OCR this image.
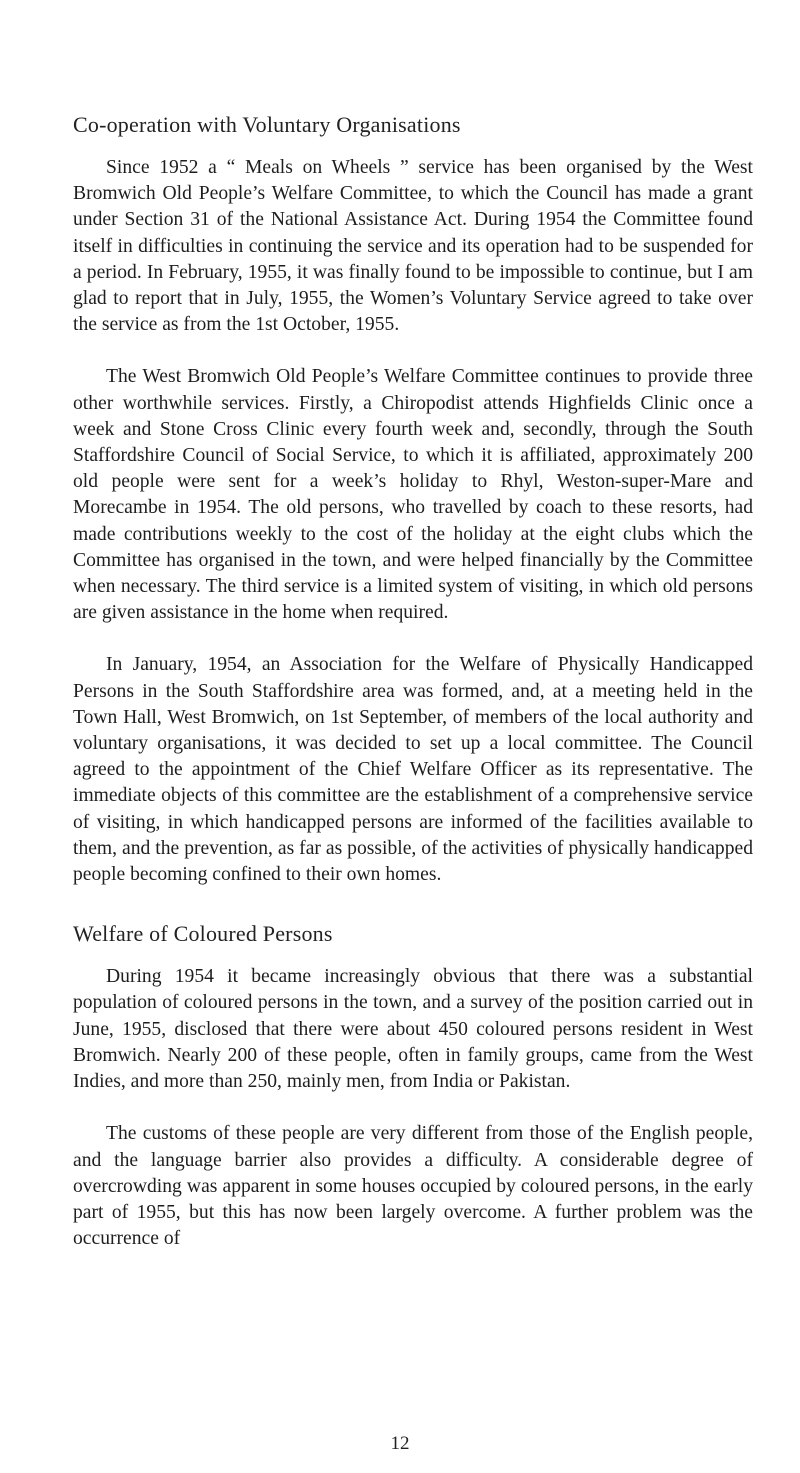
Co-operation with Voluntary Organisations

Since 1952 a “ Meals on Wheels ” service has been organised by the West Bromwich Old People’s Welfare Committee, to which the Council has made a grant under Section 31 of the National Assistance Act. During 1954 the Committee found itself in difficulties in continuing the service and its operation had to be suspended for a period. In February, 1955, it was finally found to be impossible to continue, but I am glad to report that in July, 1955, the Women’s Voluntary Service agreed to take over the service as from the 1st October, 1955.

The West Bromwich Old People’s Welfare Committee continues to provide three other worthwhile services. Firstly, a Chiropodist attends Highfields Clinic once a week and Stone Cross Clinic every fourth week and, secondly, through the South Staffordshire Council of Social Service, to which it is affiliated, approximately 200 old people were sent for a week’s holiday to Rhyl, Weston-super-Mare and Morecambe in 1954. The old persons, who travelled by coach to these resorts, had made contributions weekly to the cost of the holiday at the eight clubs which the Committee has organised in the town, and were helped financially by the Committee when necessary. The third service is a limited system of visiting, in which old persons are given assistance in the home when required.

In January, 1954, an Association for the Welfare of Physically Handicapped Persons in the South Staffordshire area was formed, and, at a meeting held in the Town Hall, West Bromwich, on 1st September, of members of the local authority and voluntary organisations, it was decided to set up a local committee. The Council agreed to the appointment of the Chief Welfare Officer as its representative. The immediate objects of this committee are the establishment of a comprehensive service of visiting, in which handicapped persons are informed of the facilities available to them, and the prevention, as far as possible, of the activities of physically handicapped people becoming confined to their own homes.

Welfare of Coloured Persons

During 1954 it became increasingly obvious that there was a substantial population of coloured persons in the town, and a survey of the position carried out in June, 1955, disclosed that there were about 450 coloured persons resident in West Bromwich. Nearly 200 of these people, often in family groups, came from the West Indies, and more than 250, mainly men, from India or Pakistan.

The customs of these people are very different from those of the English people, and the language barrier also provides a difficulty. A considerable degree of overcrowding was apparent in some houses occupied by coloured persons, in the early part of 1955, but this has now been largely overcome. A further problem was the occurrence of

12
